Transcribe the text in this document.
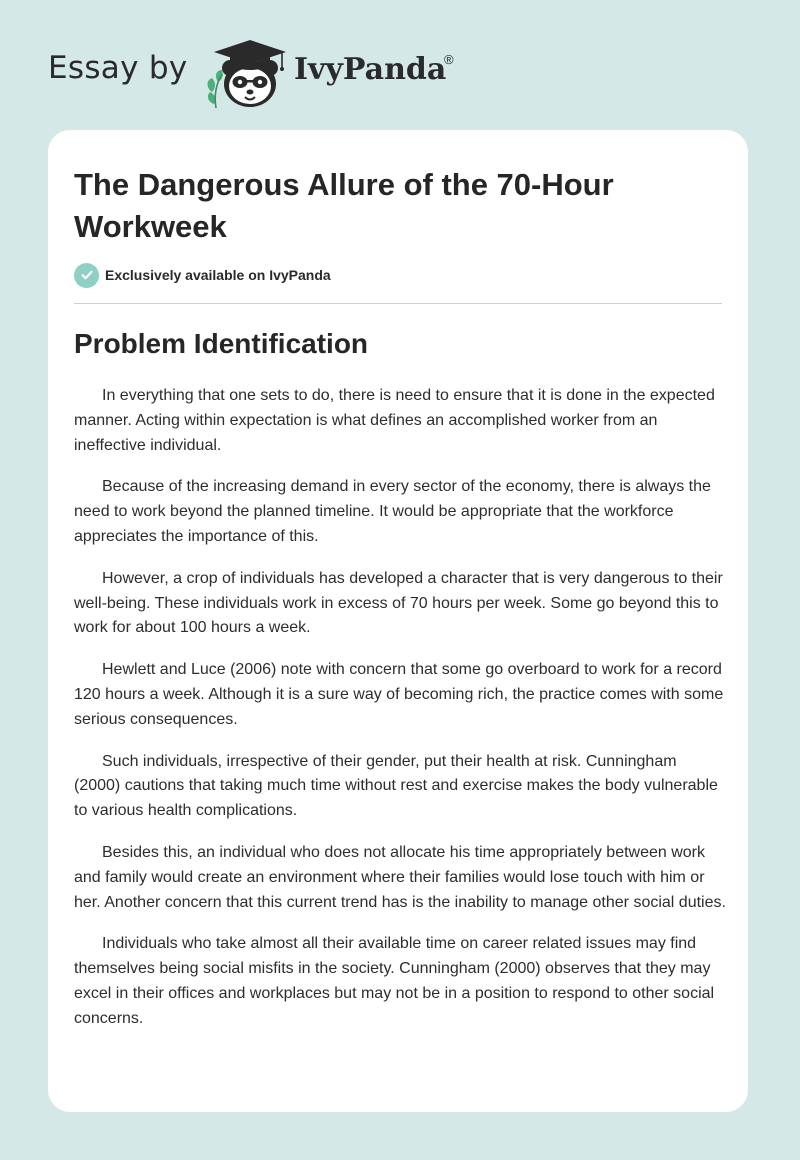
Essay by	IvyPanda
®
The Dangerous Allure of the 70-Hour Workweek
Exclusively available on IvyPanda
Problem Identification

In everything that one sets to do, there is need to ensure that it is done in the expected manner. Acting within expectation is what defines an accomplished worker from an ineffective individual.

Because of the increasing demand in every sector of the economy, there is always the need to work beyond the planned timeline. It would be appropriate that the workforce appreciates the importance of this.

However, a crop of individuals has developed a character that is very dangerous to their well-being. These individuals work in excess of 70 hours per week. Some go beyond this to work for about 100 hours a week.

Hewlett and Luce (2006) note with concern that some go overboard to work for a record 120 hours a week. Although it is a sure way of becoming rich, the practice comes with some serious consequences.

Such individuals, irrespective of their gender, put their health at risk. Cunningham (2000) cautions that taking much time without rest and exercise makes the body vulnerable to various health complications.

Besides this, an individual who does not allocate his time appropriately between work and family would create an environment where their families would lose touch with him or her. Another concern that this current trend has is the inability to manage other social duties.

Individuals who take almost all their available time on career related issues may find themselves being social misfits in the society. Cunningham (2000) observes that they may excel in their offices and workplaces but may not be in a position to respond to other social concerns.
